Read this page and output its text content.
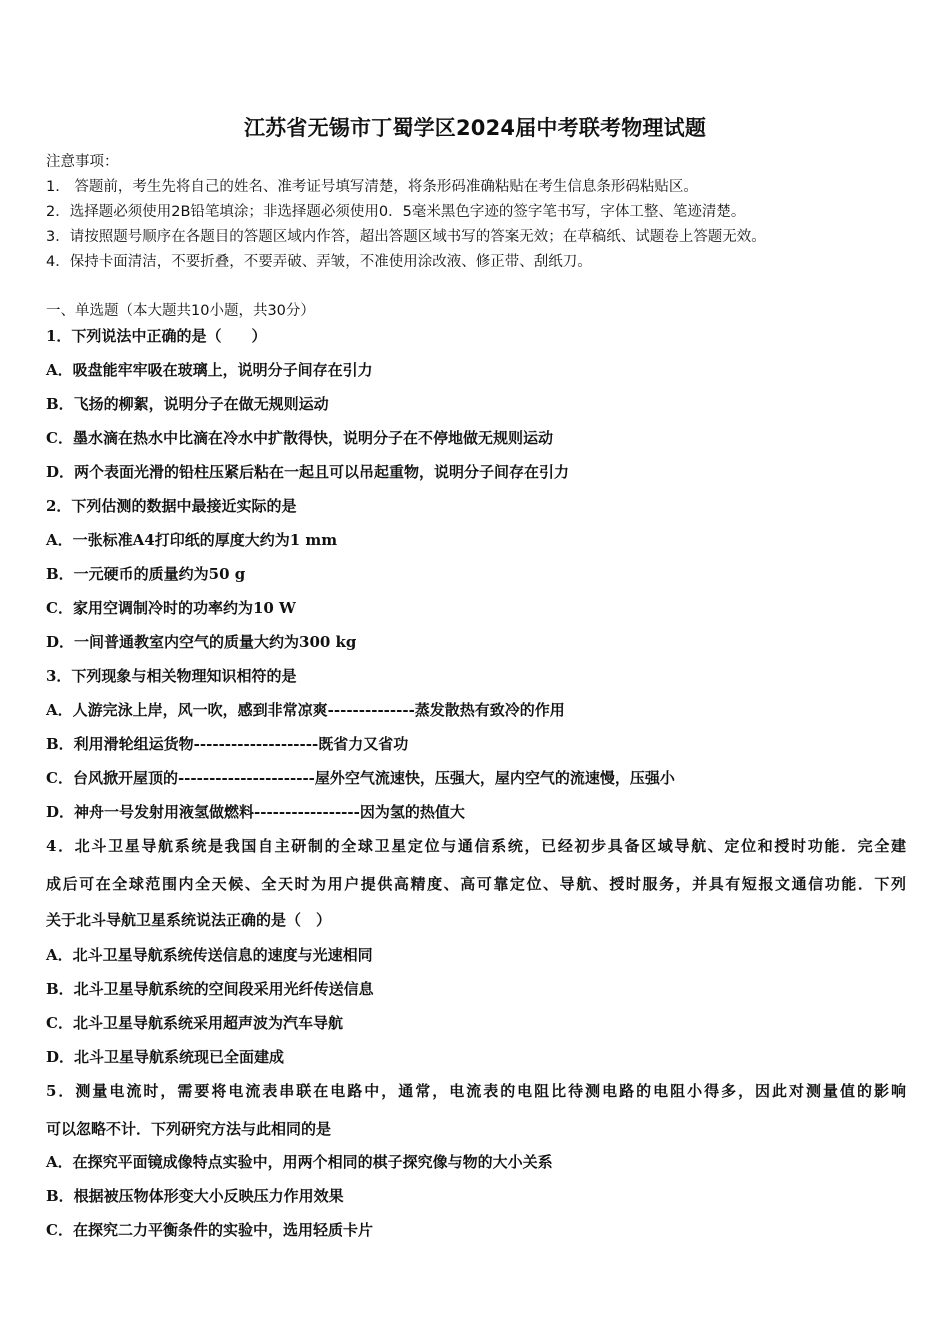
江苏省无锡市丁蜀学区2024届中考联考物理试题
注意事项：
1.　答题前，考生先将自己的姓名、准考证号填写清楚，将条形码准确粘贴在考生信息条形码粘贴区。
2．选择题必须使用2B铅笔填涂；非选择题必须使用0．5毫米黑色字迹的签字笔书写，字体工整、笔迹清楚。
3．请按照题号顺序在各题目的答题区域内作答，超出答题区域书写的答案无效；在草稿纸、试题卷上答题无效。
4．保持卡面清洁，不要折叠，不要弄破、弄皱，不准使用涂改液、修正带、刮纸刀。
一、单选题（本大题共10小题，共30分）
1．下列说法中正确的是（　　）
A．吸盘能牢牢吸在玻璃上，说明分子间存在引力
B．飞扬的柳絮，说明分子在做无规则运动
C．墨水滴在热水中比滴在冷水中扩散得快，说明分子在不停地做无规则运动
D．两个表面光滑的铅柱压紧后粘在一起且可以吊起重物，说明分子间存在引力
2．下列估测的数据中最接近实际的是
A．一张标准A4打印纸的厚度大约为1 mm
B．一元硬币的质量约为50 g
C．家用空调制冷时的功率约为10 W
D．一间普通教室内空气的质量大约为300 kg
3．下列现象与相关物理知识相符的是
A．人游完泳上岸，风一吹，感到非常凉爽--------------蒸发散热有致冷的作用
B．利用滑轮组运货物--------------------既省力又省功
C．台风掀开屋顶的----------------------屋外空气流速快，压强大，屋内空气的流速慢，压强小
D．神舟一号发射用液氢做燃料-----------------因为氢的热值大
4．北斗卫星导航系统是我国自主研制的全球卫星定位与通信系统，已经初步具备区域导航、定位和授时功能．完全建
成后可在全球范围内全天候、全天时为用户提供高精度、高可靠定位、导航、授时服务，并具有短报文通信功能．下列
关于北斗导航卫星系统说法正确的是（　）
A．北斗卫星导航系统传送信息的速度与光速相同
B．北斗卫星导航系统的空间段采用光纤传送信息
C．北斗卫星导航系统采用超声波为汽车导航
D．北斗卫星导航系统现已全面建成
5．测量电流时，需要将电流表串联在电路中，通常，电流表的电阻比待测电路的电阻小得多，因此对测量值的影响
可以忽略不计．下列研究方法与此相同的是
A．在探究平面镜成像特点实验中，用两个相同的棋子探究像与物的大小关系
B．根据被压物体形变大小反映压力作用效果
C．在探究二力平衡条件的实验中，选用轻质卡片
